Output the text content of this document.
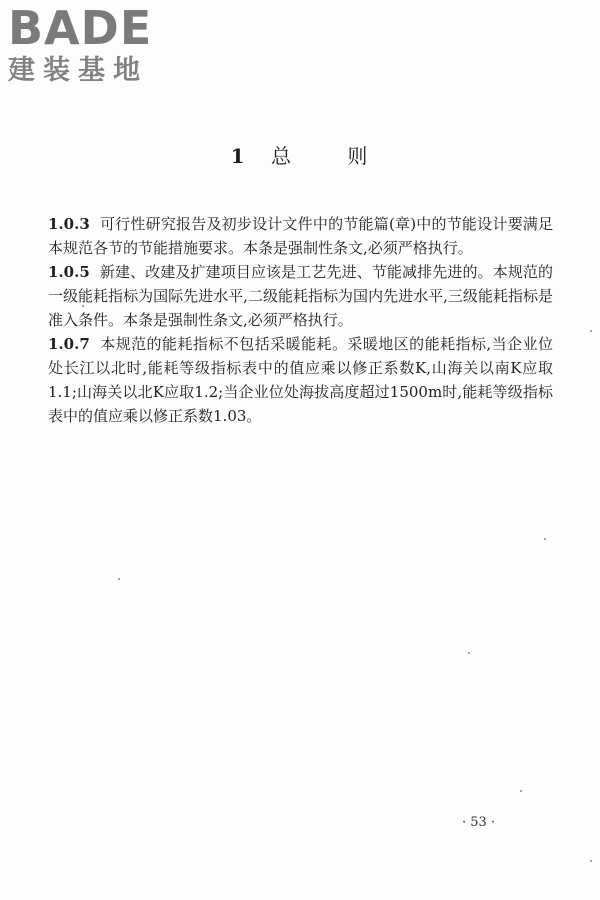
BADE
建装基地
1 总	则

1.0.3 可行性研究报告及初步设计文件中的节能篇(章)中的节能设计要满足本规范各节的节能措施要求。本条是强制性条文,必须严格执行。

1.0.5 新建、改建及扩建项目应该是工艺先进、节能减排先进的。本规范的一级能耗指标为国际先进水平,二级能耗指标为国内先进水平,三级能耗指标是准入条件。本条是强制性条文,必须严格执行。

1.0.7 本规范的能耗指标不包括采暖能耗。采暖地区的能耗指标,当企业位处长江以北时,能耗等级指标表中的值应乘以修正系数K,山海关以南K应取1.1;山海关以北K应取1.2;当企业位处海拔高度超过1500m时,能耗等级指标表中的值应乘以修正系数1.03。

· 53 ·
